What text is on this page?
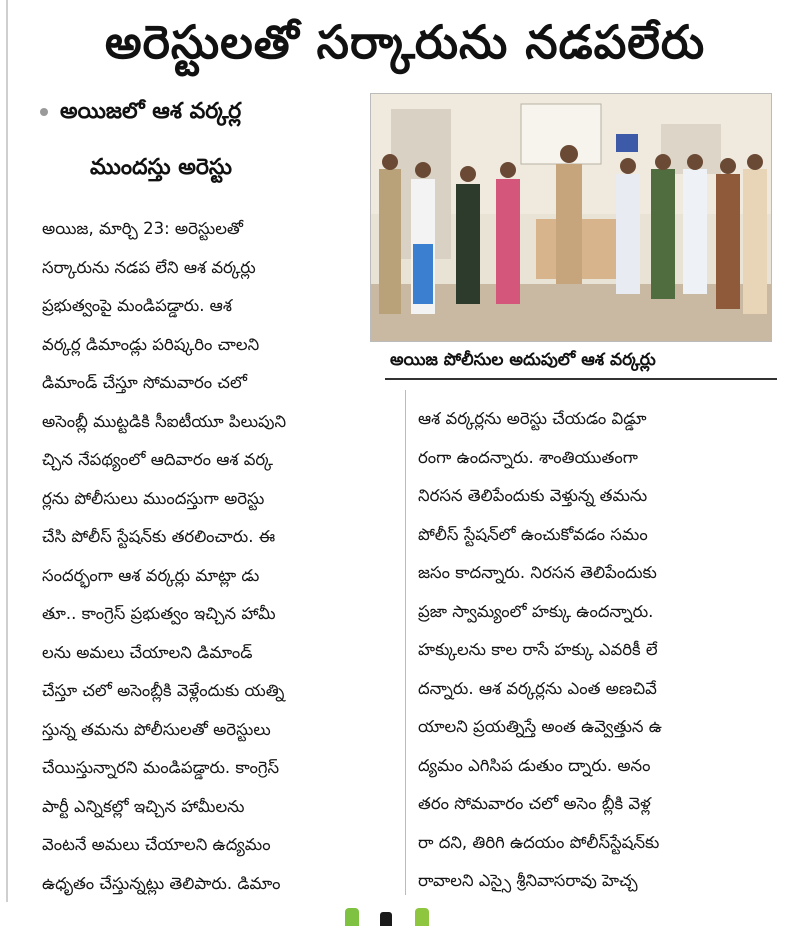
అరెస్టులతో సర్కారును నడపలేరు
అయిజలో ఆశ వర్కర్ల
ముందస్తు అరెస్టు
అయిజ పోలీసుల అదుపులో ఆశ వర్కర్లు
అయిజ, మార్చి 23: అరెస్టులతో
సర్కారును నడప లేని ఆశ వర్కర్లు
ప్రభుత్వంపై మండిపడ్డారు. ఆశ
వర్కర్ల డిమాండ్లు పరిష్కరిం చాలని
డిమాండ్ చేస్తూ సోమవారం చలో
అసెంబ్లీ ముట్టడికి సీఐటీయూ పిలుపుని
చ్చిన నేపథ్యంలో ఆదివారం ఆశ వర్క
ర్లను పోలీసులు ముందస్తుగా అరెస్టు
చేసి పోలీస్ స్టేషన్‌కు తరలించారు. ఈ
సందర్భంగా ఆశ వర్కర్లు మాట్లా డు
తూ.. కాంగ్రెస్ ప్రభుత్వం ఇచ్చిన హామీ
లను అమలు చేయాలని డిమాండ్
చేస్తూ చలో అసెంబ్లీకి వెళ్లేందుకు యత్ని
స్తున్న తమను పోలీసులతో అరెస్టులు
చేయిస్తున్నారని మండిపడ్డారు. కాంగ్రెస్
పార్టీ ఎన్నికల్లో ఇచ్చిన హామీలను
వెంటనే అమలు చేయాలని ఉద్యమం
ఉధృతం చేస్తున్నట్లు తెలిపారు. డిమాం
ఆశ వర్కర్లను అరెస్టు చేయడం విడ్డూ
రంగా ఉందన్నారు. శాంతియుతంగా
నిరసన తెలిపేందుకు వెళ్తున్న తమను
పోలీస్ స్టేషన్‌లో ఉంచుకోవడం సమం
జసం కాదన్నారు. నిరసన తెలిపేందుకు
ప్రజా స్వామ్యంలో హక్కు ఉందన్నారు.
హక్కులను కాల రాసే హక్కు ఎవరికీ లే
దన్నారు. ఆశ వర్కర్లను ఎంత అణచివే
యాలని ప్రయత్నిస్తే అంత ఉవ్వెత్తున ఉ
ద్యమం ఎగిసిప డుతుం ద్నారు. అనం
తరం సోమవారం చలో అసెం బ్లీకి వెళ్ల
రా దని, తిరిగి ఉదయం పోలీస్‌స్టేషన్‌కు
రావాలని ఎస్సై శ్రీనివాసరావు హెచ్చ
